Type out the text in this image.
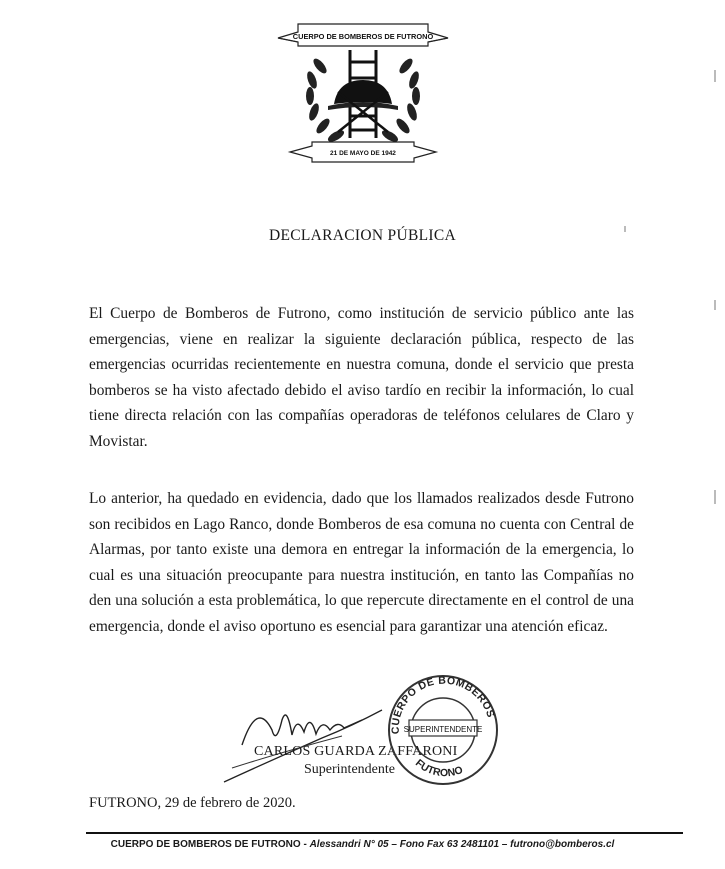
CUERPO DE BOMBEROS DE FUTRONO
21 DE MAYO DE 1942
DECLARACION PÚBLICA

El Cuerpo de Bomberos de Futrono, como institución de servicio público ante las emergencias, viene en realizar la siguiente declaración pública, respecto de las emergencias ocurridas recientemente en nuestra comuna, donde el servicio que presta bomberos se ha visto afectado debido el aviso tardío en recibir la información, lo cual tiene directa relación con las compañías operadoras de teléfonos celulares de Claro y Movistar.

Lo anterior, ha quedado en evidencia, dado que los llamados realizados desde Futrono son recibidos en Lago Ranco, donde Bomberos de esa comuna no cuenta con Central de Alarmas, por tanto existe una demora en entregar la información de la emergencia, lo cual es una situación preocupante para nuestra institución, en tanto las Compañías no den una solución a esta problemática, lo que repercute directamente en el control de una emergencia, donde el aviso oportuno es esencial para garantizar una atención eficaz.

CARLOS GUARDA ZAFFARONI
Superintendente
CUERPO DE BOMBEROS
FUTRONO
SUPERINTENDENTE
FUTRONO, 29 de febrero de 2020.
CUERPO DE BOMBEROS DE FUTRONO - Alessandri N° 05 – Fono Fax 63 2481101 – futrono@bomberos.cl
